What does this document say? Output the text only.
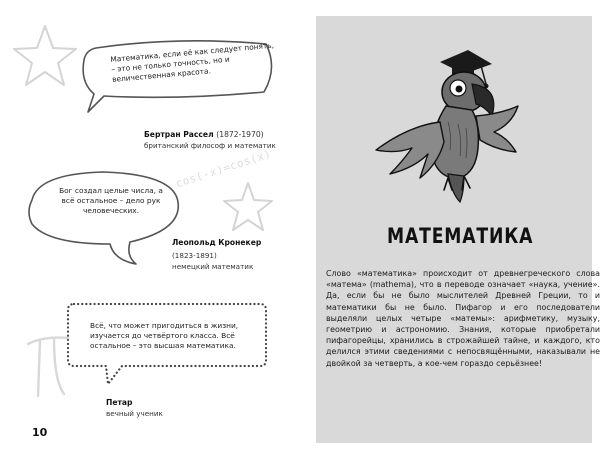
Математика, если её как следует понять, – это не только точность, но и величественная красота.
Бертран Рассел (1872-1970)
британский философ и математик
cos(-x)=cos(x)
Бог создал целые числа, а всё остальное – дело рук человеческих.
Леопольд Кронекер
(1823-1891)
немецкий математик
Всё, что может пригодиться в жизни, изучается до четвёртого класса. Всё остальное – это высшая математика.
Петар
вечный ученик
10
МАТЕМАТИКА
Слово «математика» происходит от древнегреческого слова «матема» (mathema), что в переводе означает «наука, учение». Да, если бы не было мыслителей Древней Греции, то и математики бы не было. Пифагор и его последователи выделяли целых четыре «матемы»: арифметику, музыку, геометрию и астрономию. Знания, которые приобретали пифагорейцы, хранились в строжайшей тайне, и каждого, кто делился этими сведениями с непосвящёнными, наказывали не двойкой за четверть, а кое-чем гораздо серьёзнее!
